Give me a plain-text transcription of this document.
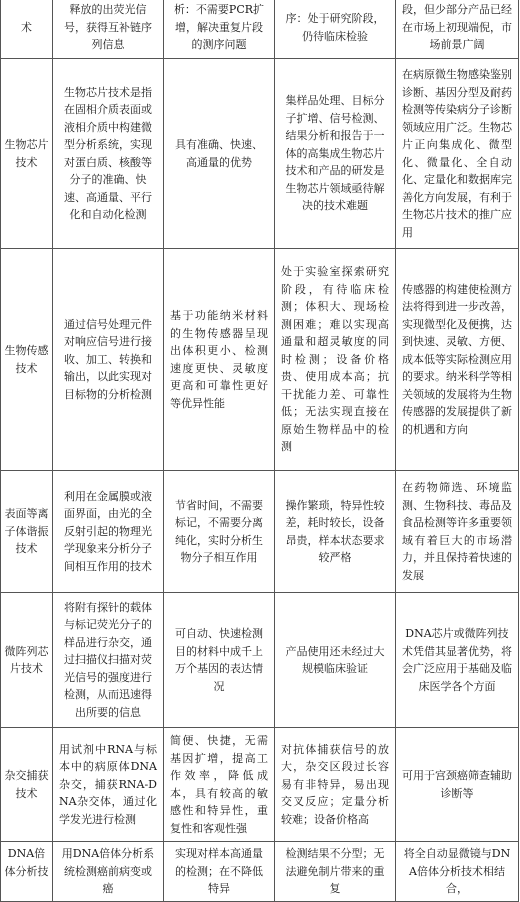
术	释放的出荧光信号，获得互补链序列信息	析：不需要PCR扩增，解决重复片段的测序问题	序：处于研究阶段，仍待临床检验	段，但少部分产品已经在市场上初现端倪，市场前景广阔
生物芯片技术	生物芯片技术是指在固相介质表面或液相介质中构建微型分析系统，实现对蛋白质、核酸等分子的准确、快速、高通量、平行化和自动化检测	具有准确、快速、高通量的优势	集样品处理、目标分子扩增、信号检测、结果分析和报告于一体的高集成生物芯片技术和产品的研发是生物芯片领域亟待解决的技术难题	在病原微生物感染鉴别诊断、基因分型及耐药检测等传染病分子诊断领域应用广泛。生物芯片正向集成化、微型化、微量化、全自动化、定量化和数据库完善化方向发展，有利于生物芯片技术的推广应用
生物传感技术	通过信号处理元件对响应信号进行接收、加工、转换和输出，以此实现对目标物的分析检测	基于功能纳米材料的生物传感器呈现出体积更小、检测速度更快、灵敏度更高和可靠性更好等优异性能	处于实验室探索研究阶段，有待临床检测；体积大、现场检测困难；难以实现高通量和超灵敏度的同时检测；设备价格贵、使用成本高；抗干扰能力差、可靠性低；无法实现直接在原始生物样品中的检测	传感器的构建使检测方法将得到进一步改善，实现微型化及便携，达到快速、灵敏、方便、成本低等实际检测应用的要求。纳米科学等相关领域的发展将为生物传感器的发展提供了新的机遇和方向
表面等离子体谐振技术	利用在金属膜或液面界面，由光的全反射引起的物理光学现象来分析分子间相互作用的技术	节省时间，不需要标记，不需要分离纯化，实时分析生物分子相互作用	操作繁琐，特异性较差，耗时较长，设备昂贵，样本状态要求较严格	在药物筛选、环境监测、生物科技、毒品及食品检测等许多重要领域有着巨大的市场潜力，并且保持着快速的发展
微阵列芯片技术	将附有探针的载体与标记荧光分子的样品进行杂交，通过扫描仪扫描对荧光信号的强度进行检测，从而迅速得出所要的信息	可自动、快速检测目的材料中成千上万个基因的表达情况	产品使用还未经过大规模临床验证	DNA芯片或微阵列技术凭借其显著优势，将会广泛应用于基础及临床医学各个方面
杂交捕获技术	用试剂中RNA与标本中的病原体DNA杂交，捕获RNA-DNA杂交体，通过化学发光进行检测	简便、快捷，无需基因扩增，提高工作效率，降低成本，具有较高的敏感性和特异性，重复性和客观性强	对抗体捕获信号的放大，杂交区段过长容易有非特异，易出现交叉反应；定量分析较难；设备价格高	可用于宫颈癌筛查辅助诊断等
DNA倍体分析技	用DNA倍体分析系统检测癌前病变或癌	实现对样本高通量的检测；在不降低特异	检测结果不分型；无法避免制片带来的重复	将全自动显微镜与DNA倍体分析技术相结合，
